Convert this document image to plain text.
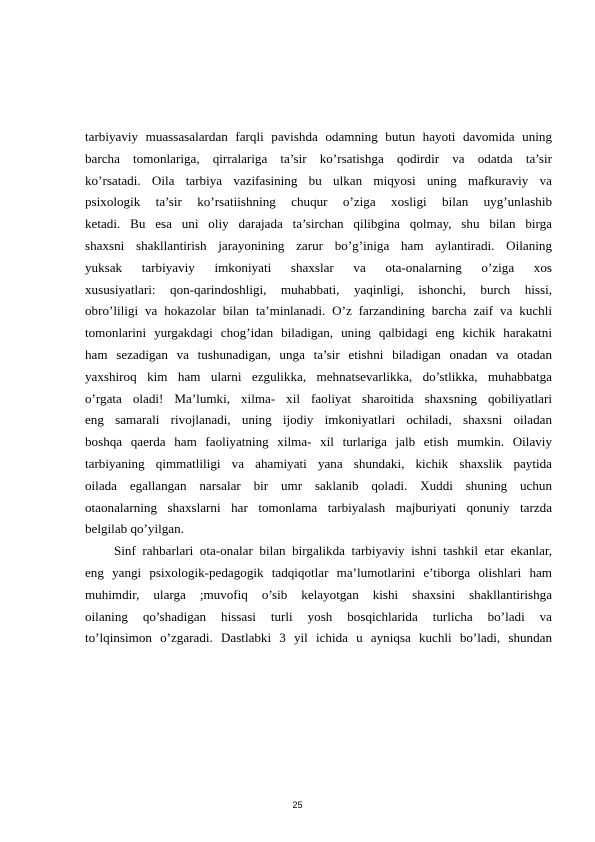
tarbiyaviy muassasalardan farqli pavishda odamning butun hayoti davomida uning
barcha tomonlariga, qirralariga ta’sir ko’rsatishga qodirdir va odatda ta’sir
ko’rsatadi. Oila tarbiya vazifasining bu ulkan miqyosi uning mafkuraviy va
psixologik ta’sir ko’rsatiishning chuqur o’ziga xosligi bilan uyg’unlashib
ketadi. Bu esa uni oliy darajada ta’sirchan qilibgina qolmay, shu bilan birga
shaxsni shakllantirish jarayonining zarur bo’g’iniga ham aylantiradi. Oilaning
yuksak tarbiyaviy imkoniyati shaxslar va ota-onalarning o’ziga xos
xususiyatlari: qon-qarindoshligi, muhabbati, yaqinligi, ishonchi, burch hissi,
obro’liligi va hokazolar bilan ta’minlanadi. O’z farzandining barcha zaif va kuchli
tomonlarini yurgakdagi chog’idan biladigan, uning qalbidagi eng kichik harakatni
ham sezadigan va tushunadigan, unga ta’sir etishni biladigan onadan va otadan
yaxshiroq kim ham ularni ezgulikka, mehnatsevarlikka, do’stlikka, muhabbatga
o’rgata oladi! Ma’lumki, xilma- xil faoliyat sharoitida shaxsning qobiliyatlari
eng samarali rivojlanadi, uning ijodiy imkoniyatlari ochiladi, shaxsni oiladan
boshqa qaerda ham faoliyatning xilma- xil turlariga jalb etish mumkin. Oilaviy
tarbiyaning qimmatliligi va ahamiyati yana shundaki, kichik shaxslik paytida
oilada egallangan narsalar bir umr saklanib qoladi. Xuddi shuning uchun
otaonalarning shaxslarni har tomonlama tarbiyalash majburiyati qonuniy tarzda
belgilab qo’yilgan.
Sinf rahbarlari ota-onalar bilan birgalikda tarbiyaviy ishni tashkil etar ekanlar,
eng yangi psixologik-pedagogik tadqiqotlar ma’lumotlarini e’tiborga olishlari ham
muhimdir, ularga ;muvofiq o’sib kelayotgan kishi shaxsini shakllantirishga
oilaning qo’shadigan hissasi turli yosh bosqichlarida turlicha bo’ladi va
to’lqinsimon o’zgaradi. Dastlabki 3 yil ichida u ayniqsa kuchli bo’ladi, shundan
25
